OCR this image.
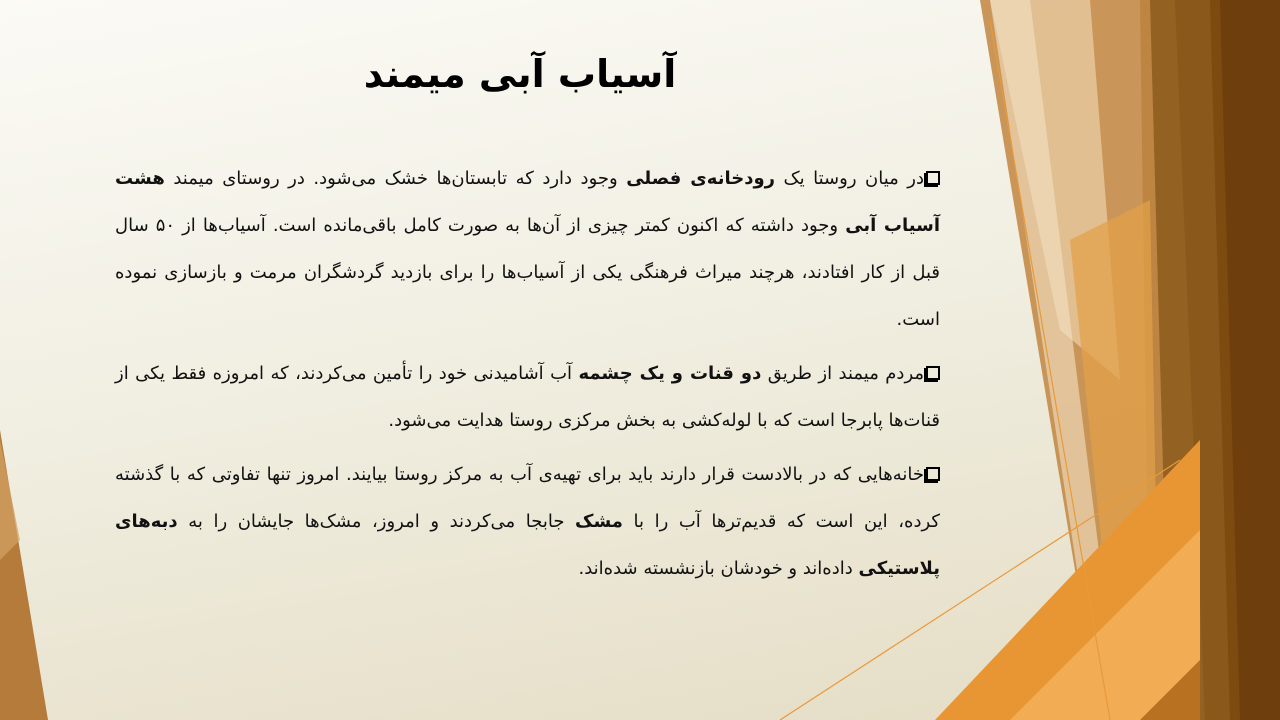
آسیاب آبی میمند
در میان روستا یک رودخانه‌ی فصلی وجود دارد که تابستان‌ها خشک می‌شود. در روستای میمند هشت آسیاب آبی وجود داشته که اکنون کمتر چیزی از آن‌ها به صورت کامل باقی‌مانده است. آسیاب‌ها از ۵۰ سال قبل از کار افتادند، هرچند میراث فرهنگی یکی از آسیاب‌ها را برای بازدید گردشگران مرمت و بازسازی نموده است.
مردم میمند از طریق دو قنات و یک چشمه آب آشامیدنی خود را تأمین می‌کردند، که امروزه فقط یکی از قنات‌ها پابرجا است که با لوله‌کشی به بخش مرکزی روستا هدایت می‌شود.
خانه‌هایی که در بالادست قرار دارند باید برای تهیه‌ی آب به مرکز روستا بیایند. امروز تنها تفاوتی که با گذشته کرده، این است که قدیم‌ترها آب را با مشک جابجا می‌کردند و امروز، مشک‌ها جایشان را به دبه‌های پلاستیکی داده‌اند و خودشان بازنشسته شده‌اند.
